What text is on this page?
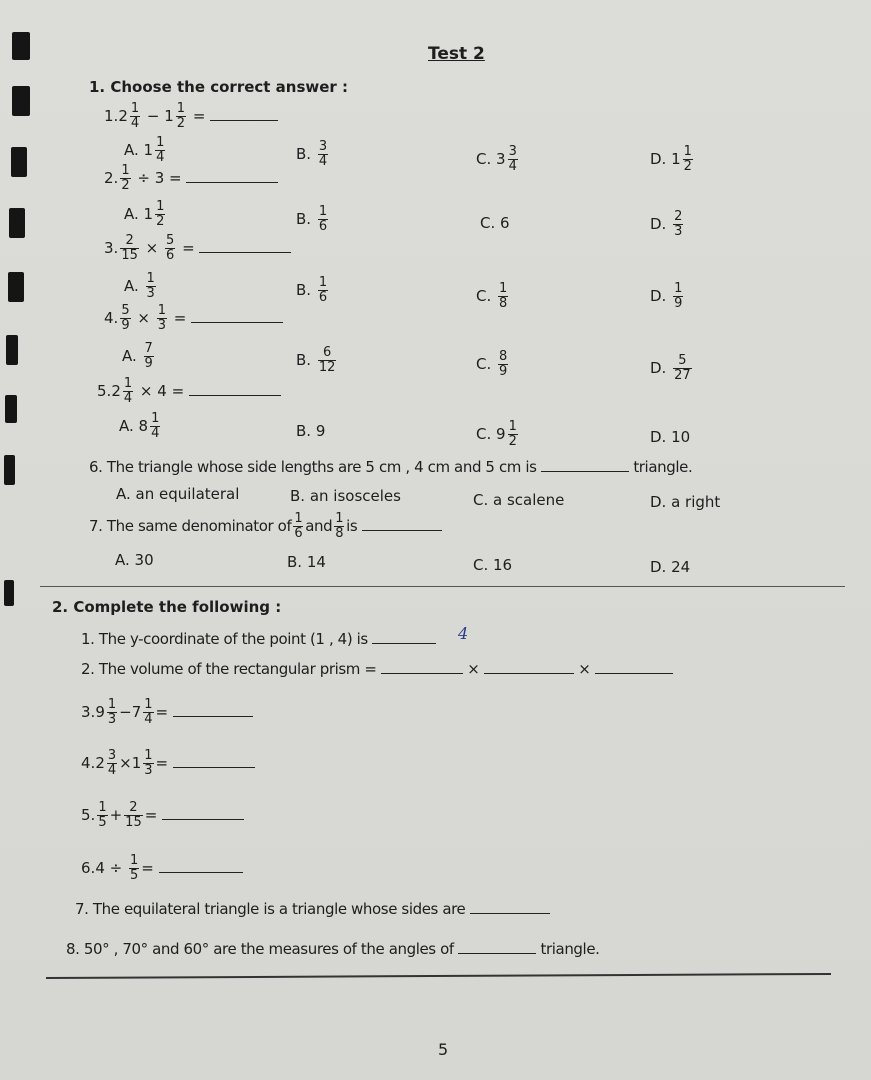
Test 2
1. Choose the correct answer :
$1.2 \frac{1}{4} - 1 \frac{1}{2}$ =
A. $1 \frac{1}{4}$	B. $\frac{3}{4}$	C. $3 \frac{3}{4}$	D. $1 \frac{1}{2}$
2. $\frac{1}{2} \div 3$ =
A. $1 \frac{1}{2}$	B. $\frac{1}{6}$	C. 6	D. $\frac{2}{3}$
3. $\frac{2}{15} \times \frac{5}{6}$ =
A. $\frac{1}{3}$	B. $\frac{1}{6}$	C. $\frac{1}{8}$	D. $\frac{1}{9}$
4. $\frac{5}{9} \times \frac{1}{3}$ =
A. $\frac{7}{9}$	B. $\frac{6}{12}$	C. $\frac{8}{9}$	D. $\frac{5}{27}$
$5.2 \frac{1}{4} \times 4$ =
A. $8 \frac{1}{4}$	B. 9	C. $9 \frac{1}{2}$	D. 10
6. The triangle whose side lengths are 5 cm , 4 cm and 5 cm is	triangle.
A. an equilateral	B. an isosceles	C. a scalene	D. a right
7. The same denominator of $\frac{1}{6}$ and $\frac{1}{8}$ is
A. 30	B. 14	C. 16	D. 24
2. Complete the following :
1. The y-coordinate of the point (1 , 4) is	4
2. The volume of the rectangular prism =	×	×
$3.9 \frac{1}{3} -7 \frac{1}{4}$ =
$4.2 \frac{3}{4} \times 1 \frac{1}{3}$ =
5. $\frac{1}{5} + \frac{2}{15}$ =
$6.4 \div \frac{1}{5}$ =
7. The equilateral triangle is a triangle whose sides are
8. 50° , 70° and 60° are the measures of the angles of	triangle.
5
